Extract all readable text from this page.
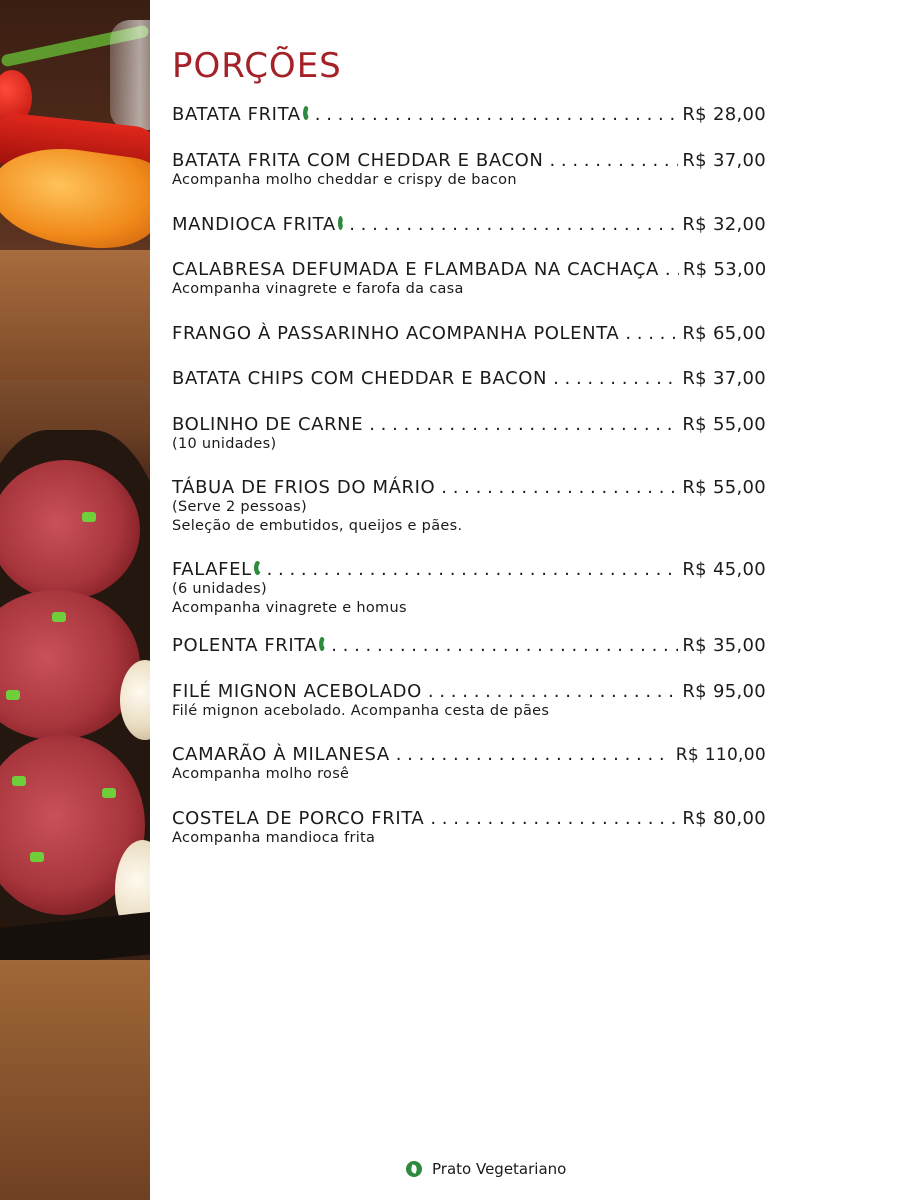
PORÇÕES
BATATA FRITA . . .	R$ 28,00
BATATA FRITA COM CHEDDAR E BACON . . .	R$ 37,00
Acompanha molho cheddar e crispy de bacon
MANDIOCA FRITA . . .	R$ 32,00
CALABRESA DEFUMADA E FLAMBADA NA CACHAÇA . . . R$ 53,00
Acompanha vinagrete e farofa da casa
FRANGO À PASSARINHO ACOMPANHA POLENTA . . .	R$ 65,00
BATATA CHIPS COM CHEDDAR E BACON . . .	R$ 37,00
BOLINHO DE CARNE . . .	R$ 55,00
(10 unidades)
TÁBUA DE FRIOS DO MÁRIO . . .	R$ 55,00
(Serve 2 pessoas)
Seleção de embutidos, queijos e pães.
FALAFEL . . .	R$ 45,00
(6 unidades)
Acompanha vinagrete e homus
POLENTA FRITA . . .	R$ 35,00
FILÉ MIGNON ACEBOLADO . . .	R$ 95,00
Filé mignon acebolado. Acompanha cesta de pães
CAMARÃO À MILANESA . . .	R$ 110,00
Acompanha molho rosê
COSTELA DE PORCO FRITA . . .	R$ 80,00
Acompanha mandioca frita
Prato Vegetariano
